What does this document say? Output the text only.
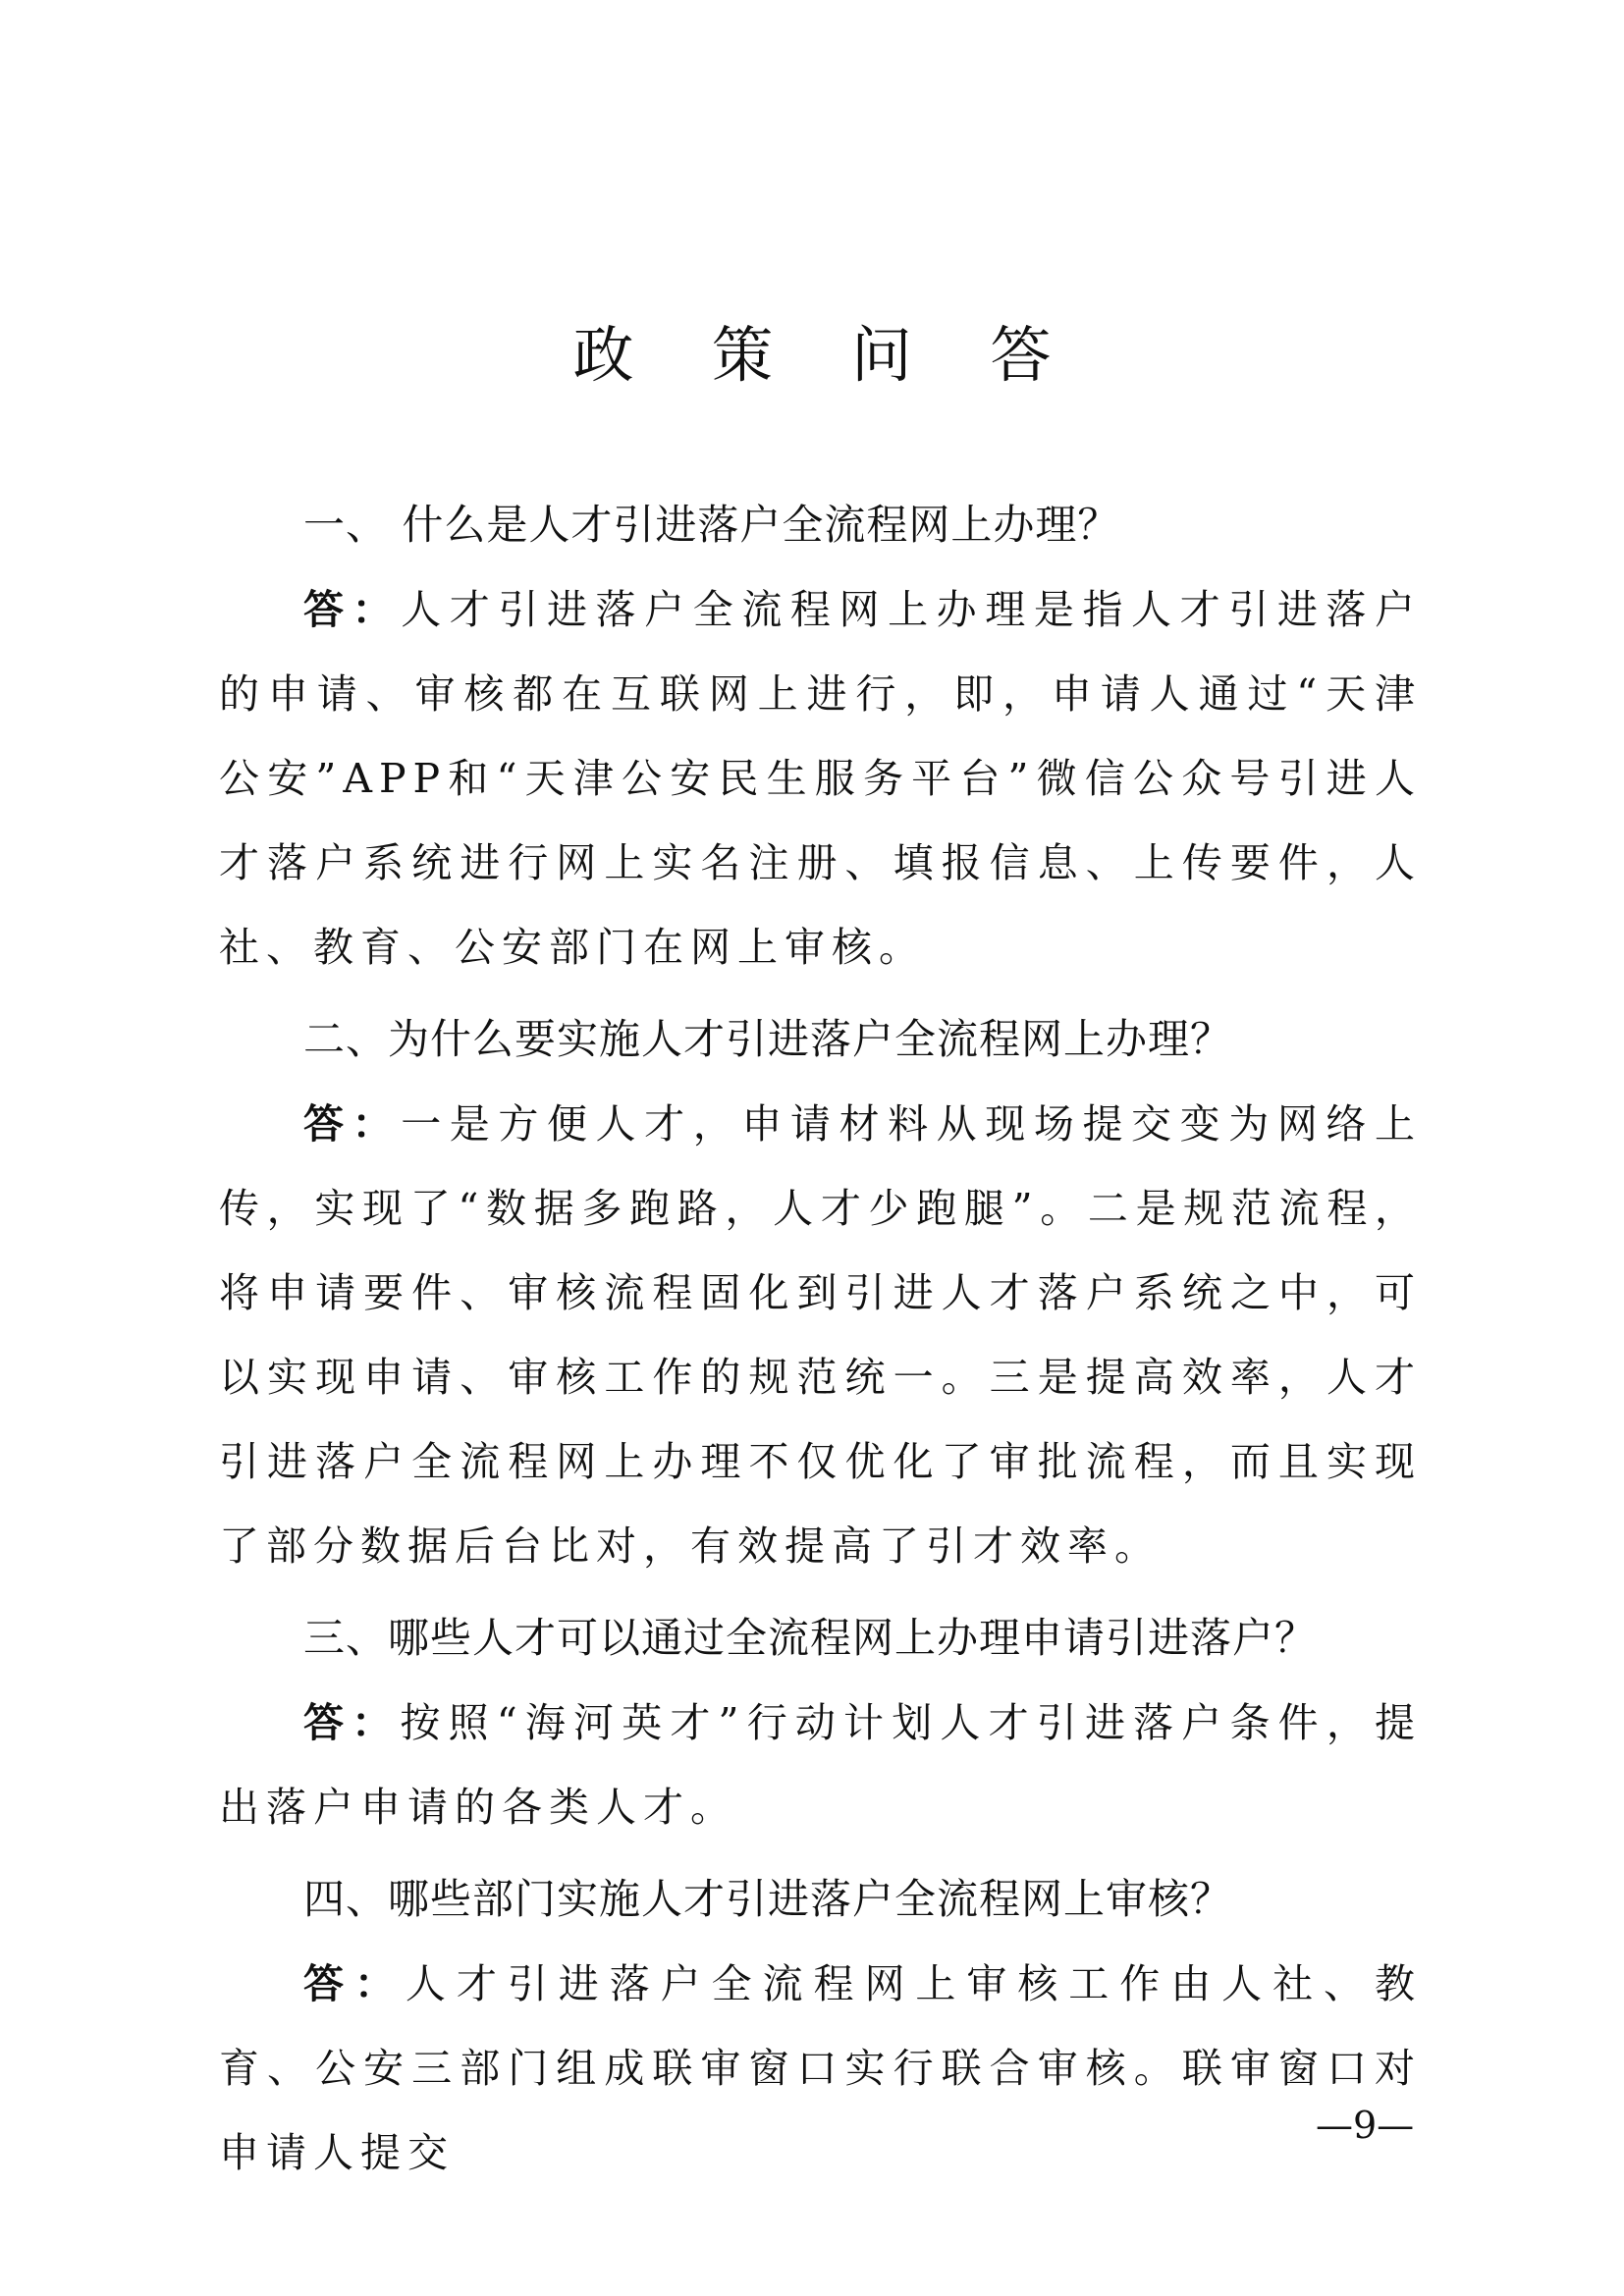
政 策 问 答

一、 什么是人才引进落户全流程网上办理？

答：人才引进落户全流程网上办理是指人才引进落户的申请、审核都在互联网上进行，即，申请人通过“天津公安”APP和“天津公安民生服务平台”微信公众号引进人才落户系统进行网上实名注册、填报信息、上传要件，人社、教育、公安部门在网上审核。

二、为什么要实施人才引进落户全流程网上办理？

答：一是方便人才，申请材料从现场提交变为网络上传，实现了“数据多跑路，人才少跑腿”。二是规范流程，将申请要件、审核流程固化到引进人才落户系统之中，可以实现申请、审核工作的规范统一。三是提高效率，人才引进落户全流程网上办理不仅优化了审批流程，而且实现了部分数据后台比对，有效提高了引才效率。

三、哪些人才可以通过全流程网上办理申请引进落户？

答：按照“海河英才”行动计划人才引进落户条件，提出落户申请的各类人才。

四、哪些部门实施人才引进落户全流程网上审核？

答：人才引进落户全流程网上审核工作由人社、教育、公安三部门组成联审窗口实行联合审核。联审窗口对申请人提交

—9—
